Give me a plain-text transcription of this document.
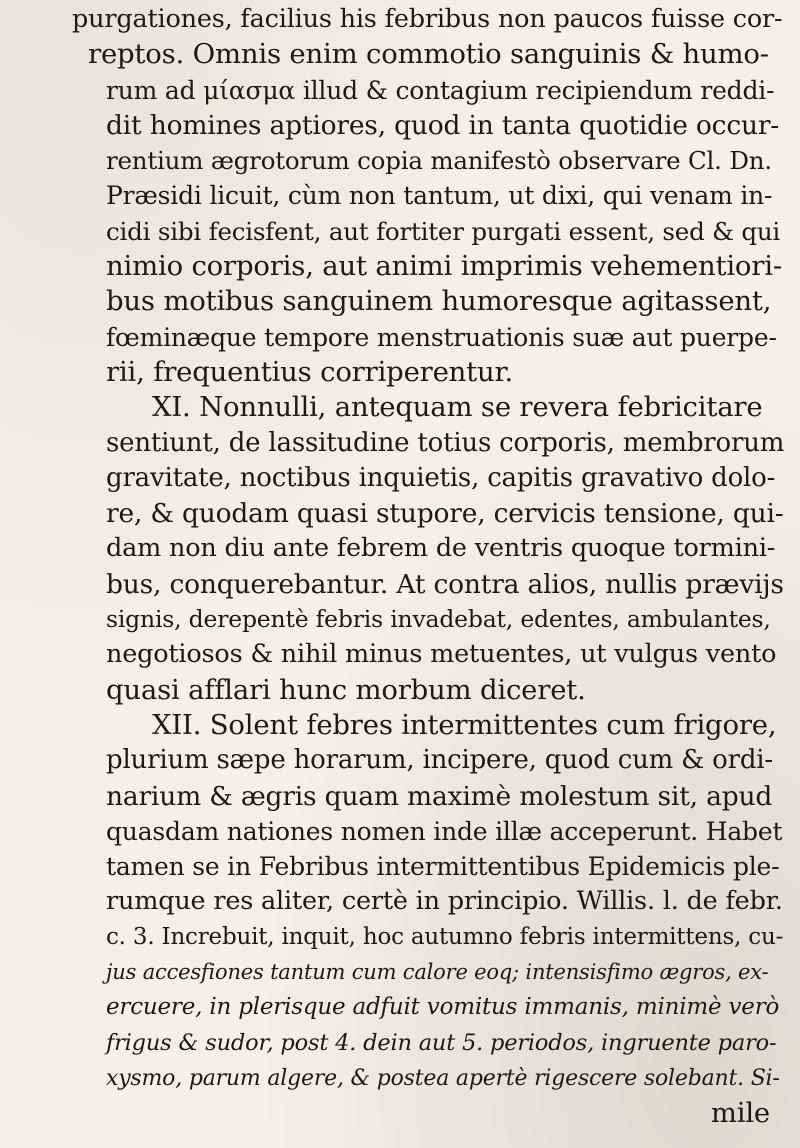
purgationes, facilius his febribus non paucos fuisse cor-
reptos. Omnis enim commotio sanguinis & humo-
rum ad μίασμα illud & contagium recipiendum reddi-
dit homines aptiores, quod in tanta quotidie occur-
rentium ægrotorum copia manifestò observare Cl. Dn.
Præsidi licuit, cùm non tantum, ut dixi, qui venam in-
cidi sibi fecisfent, aut fortiter purgati essent, sed & qui
nimio corporis, aut animi imprimis vehementiori-
bus motibus sanguinem humoresque agitassent,
fœminæque tempore menstruationis suæ aut puerpe-
rii, frequentius corriperentur.
XI. Nonnulli, antequam se revera febricitare
sentiunt, de lassitudine totius corporis, membrorum
gravitate, noctibus inquietis, capitis gravativo dolo-
re, & quodam quasi stupore, cervicis tensione, qui-
dam non diu ante febrem de ventris quoque tormini-
bus, conquerebantur. At contra alios, nullis prævijs
signis, derepentè febris invadebat, edentes, ambulantes,
negotiosos & nihil minus metuentes, ut vulgus vento
quasi afflari hunc morbum diceret.
XII. Solent febres intermittentes cum frigore,
plurium sæpe horarum, incipere, quod cum & ordi-
narium & ægris quam maximè molestum sit, apud
quasdam nationes nomen inde illæ acceperunt. Habet
tamen se in Febribus intermittentibus Epidemicis ple-
rumque res aliter, certè in principio. Willis. l. de febr.
c. 3. Increbuit, inquit, hoc autumno febris intermittens, cu-
jus accesfiones tantum cum calore eoq; intensisfimo ægros, ex-
ercuere, in plerisque adfuit vomitus immanis, minimè verò
frigus & sudor, post 4. dein aut 5. periodos, ingruente paro-
xysmo, parum algere, & postea apertè rigescere solebant. Si-
mile
